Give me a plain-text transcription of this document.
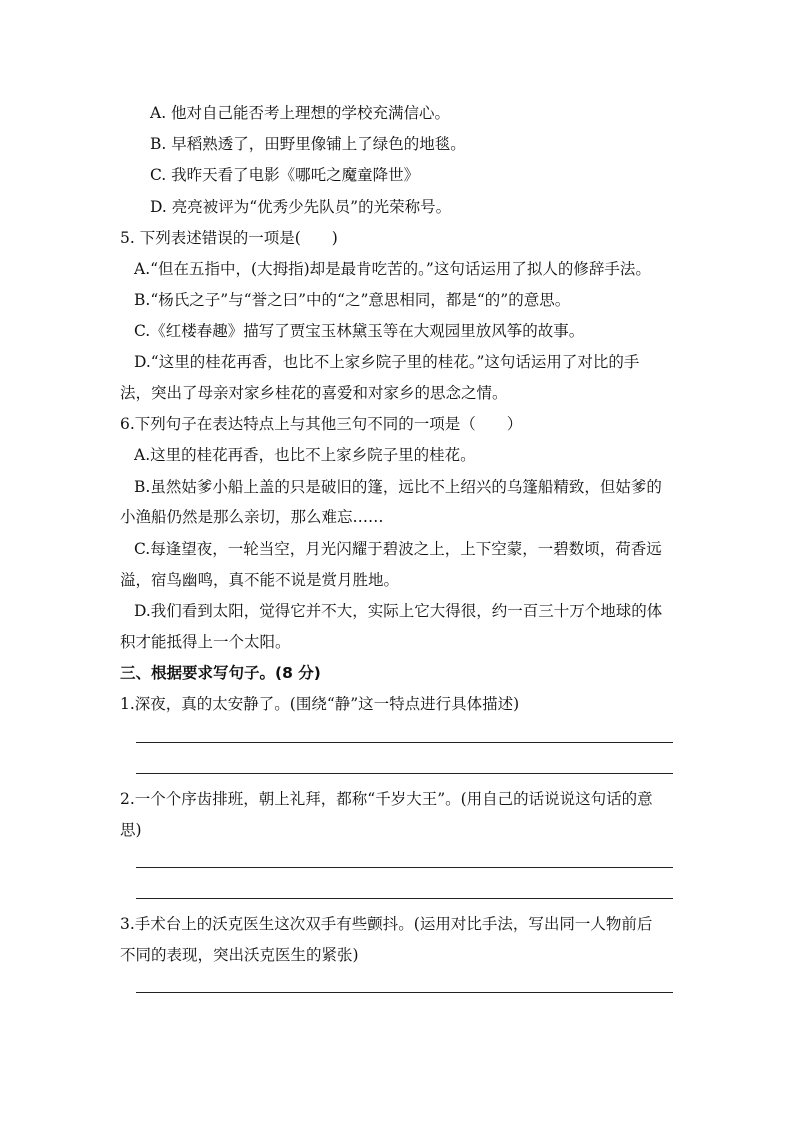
A. 他对自己能否考上理想的学校充满信心。
B. 早稻熟透了，田野里像铺上了绿色的地毯。
C. 我昨天看了电影《哪吒之魔童降世》
D. 亮亮被评为“优秀少先队员”的光荣称号。
5. 下列表述错误的一项是(　　)
A.“但在五指中，(大拇指)却是最肯吃苦的。”这句话运用了拟人的修辞手法。
B.“杨氏之子”与“誉之曰”中的“之”意思相同，都是“的”的意思。
C.《红楼春趣》描写了贾宝玉林黛玉等在大观园里放风筝的故事。
D.“这里的桂花再香，也比不上家乡院子里的桂花。”这句话运用了对比的手
法，突出了母亲对家乡桂花的喜爱和对家乡的思念之情。
6.下列句子在表达特点上与其他三句不同的一项是（　　）
A.这里的桂花再香，也比不上家乡院子里的桂花。
B.虽然姑爹小船上盖的只是破旧的篷，远比不上绍兴的乌篷船精致，但姑爹的
小渔船仍然是那么亲切，那么难忘……
C.每逢望夜，一轮当空，月光闪耀于碧波之上，上下空蒙，一碧数顷，荷香远
溢，宿鸟幽鸣，真不能不说是赏月胜地。
D.我们看到太阳，觉得它并不大，实际上它大得很，约一百三十万个地球的体
积才能抵得上一个太阳。
三、根据要求写句子。(8 分)
1.深夜，真的太安静了。(围绕“静”这一特点进行具体描述)
2.一个个序齿排班，朝上礼拜，都称“千岁大王”。(用自己的话说说这句话的意
思)
3.手术台上的沃克医生这次双手有些颤抖。(运用对比手法，写出同一人物前后
不同的表现，突出沃克医生的紧张)
